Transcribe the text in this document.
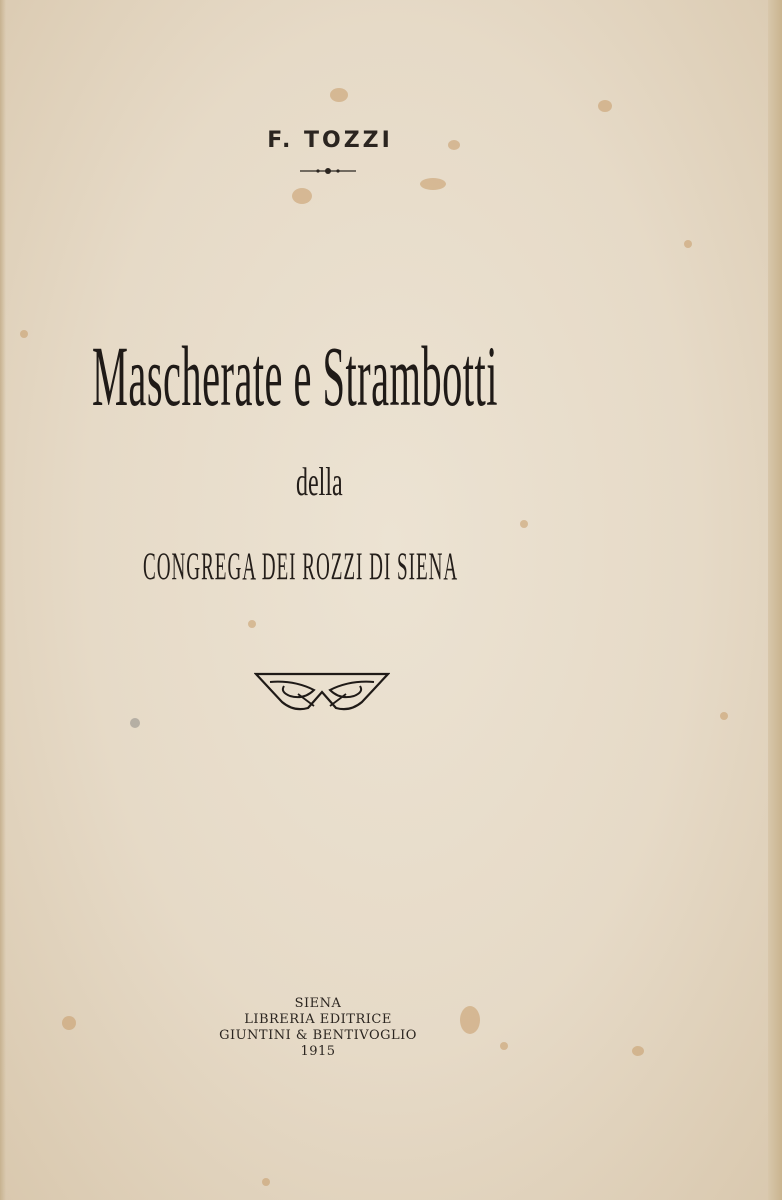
F. TOZZI
Mascherate e Strambotti
della
CONGREGA DEI ROZZI DI SIENA
SIENA
LIBRERIA EDITRICE
GIUNTINI & BENTIVOGLIO
1915
